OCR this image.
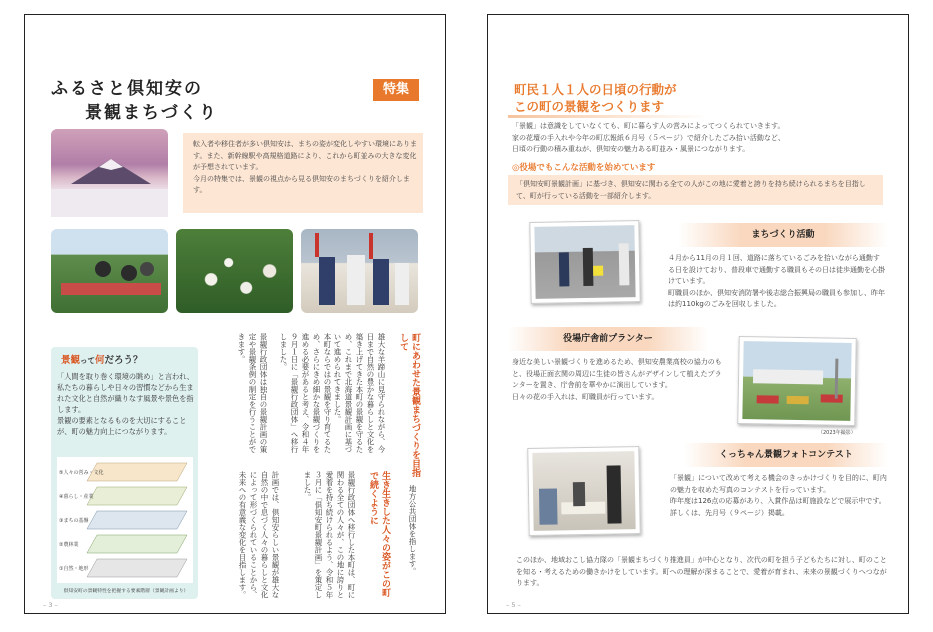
ふるさと倶知安の
景観まちづくり
特集
転入者や移住者が多い倶知安は、まちの姿が変化しやすい環境にあります。また、新幹線駅や高規格道路により、これから町並みの大きな変化が予想されています。
今月の特集では、景観の視点から見る倶知安のまちづくりを紹介します。
景観って何だろう？
「人間を取り巻く環境の眺め」と言われ、私たちの暮らしや日々の習慣などから生まれた文化と自然が織りなす風景や景色を指します。
景観の要素となるものを大切にすることが、町の魅力向上につながります。
⑤人々の営み・文化
④暮らし・産業
③まちの基盤
②農林業
①自然・地形
倶知安町の景観特性を把握する要素階層（景観計画より）
町にあわせた景観まちづくりを目指して
雄大な羊蹄山に見守られながら、今日まで自然の豊かな暮らしと文化を築き上げてきた本町の景観を守るため、これまで北海道景観計画に基づいて進められてきました。
本町ならではの景観を守り育てるため、さらにきめ細かな景観づくりを進める必要があると考え、令和４年９月１日に「景観行政団体」へ移行しました。
景観行政団体は独自の景観計画の策定や景観条例の制定を行うことができます。
地方公共団体を指します。
生き生きした人々の姿がこの町で続くように
景観行政団体へ移行した本町は、町に関わる全ての人々が、この地に誇りと愛着を持ち続けられるよう、令和５年３月に「倶知安町景観計画」を策定しました。
計画では、倶知安らしい景観が雄大な自然の中で息づく人々の暮らしと文化によって形づくられていることから、未来への有意義な変化を目指します。
– 3 –
町民１人１人の日頃の行動が
この町の景観をつくります
「景観」は意識をしていなくても、町に暮らす人の営みによってつくられていきます。
家の花壇の手入れや今年の町広報紙６月号（５ページ）で紹介したごみ拾い活動など、
日頃の行動の積み重ねが、倶知安の魅力ある町並み・風景につながります。
◎役場でもこんな活動を始めています
「倶知安町景観計画」に基づき、倶知安に関わる全ての人がこの地に愛着と誇りを持ち続けられるまちを目指して、町が行っている活動を一部紹介します。
まちづくり活動
４月から11月の月１回、道路に落ちているごみを拾いながら通勤する日を設けており、普段車で通勤する職員もその日は徒歩通勤を心掛けています。
町職員のほか、倶知安消防署や後志総合振興局の職員も参加し、昨年は約110kgのごみを回収しました。
役場庁舎前プランター
身近な美しい景観づくりを進めるため、倶知安農業高校の協力のもと、役場正面玄関の周辺に生徒の皆さんがデザインして植えたプランターを置き、庁舎前を華やかに演出しています。
日々の花の手入れは、町職員が行っています。
（2023年撮影）
くっちゃん景観フォトコンテスト
「景観」について改めて考える機会のきっかけづくりを目的に、町内の魅力を収めた写真のコンテストを行っています。
昨年度は126点の応募があり、入賞作品は町施設などで展示中です。詳しくは、先月号（９ページ）掲載。
このほか、地域おこし協力隊の「景観まちづくり推進員」が中心となり、次代の町を担う子どもたちに対し、町のことを知る・考えるための働きかけをしています。町への理解が深まることで、愛着が育まれ、未来の景観づくりへつながります。
– 5 –
